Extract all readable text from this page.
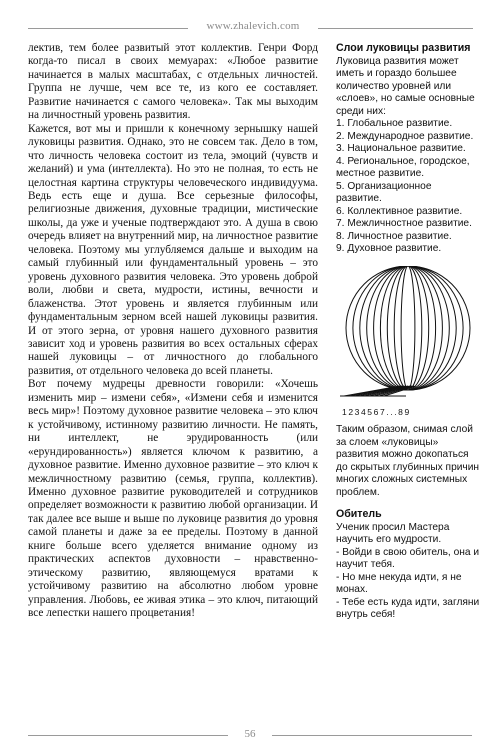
www.zhalevich.com

лектив, тем более развитый этот коллектив. Генри Форд когда-то писал в своих мемуарах: «Любое развитие начинается в малых масштабах, с отдельных личностей. Группа не лучше, чем все те, из кого ее составляет. Развитие начинается с самого человека». Так мы выходим на личностный уровень развития.

Кажется, вот мы и пришли к конечному зернышку нашей луковицы развития. Однако, это не совсем так. Дело в том, что личность человека состоит из тела, эмоций (чувств и желаний) и ума (интеллекта). Но это не полная, то есть не целостная картина структуры человеческого индивидуума. Ведь есть еще и душа. Все серьезные философы, религиозные движения, духовные традиции, мистические школы, да уже и ученые подтверждают это. А душа в свою очередь влияет на внутренний мир, на личностное развитие человека. Поэтому мы углубляемся дальше и выходим на самый глубинный или фундаментальный уровень – это уровень духовного развития человека. Это уровень доброй воли, любви и света, мудрости, истины, вечности и блаженства. Этот уровень и является глубинным или фундаментальным зерном всей нашей луковицы развития. И от этого зерна, от уровня нашего духовного развития зависит ход и уровень развития во всех остальных сферах нашей луковицы – от личностного до глобального развития, от отдельного человека до всей планеты.

Вот почему мудрецы древности говорили: «Хочешь изменить мир – измени себя», «Измени себя и изменится весь мир»! Поэтому духовное развитие человека – это ключ к устойчивому, истинному развитию личности. Не память, ни интеллект, не эрудированность (или «ерундированность») является ключом к развитию, а духовное развитие. Именно духовное развитие – это ключ к межличностному развитию (семья, группа, коллектив). Именно духовное развитие руководителей и сотрудников определяет возможности к развитию любой организации. И так далее все выше и выше по луковице развития до уровня самой планеты и даже за ее пределы. Поэтому в данной книге больше всего уделяется внимание одному из практических аспектов духовности – нравственно-этическому развитию, являющемуся вратами к устойчивому развитию на абсолютно любом уровне управления. Любовь, ее живая этика – это ключ, питающий все лепестки нашего процветания!

Слои луковицы развития

Луковица развития может иметь и гораздо большее количество уровней или «слоев», но самые основные среди них:

1. Глобальное развитие.
2. Международное развитие.
3. Национальное развитие.
4. Региональное, городское, местное развитие.
5. Организационное развитие.
6. Коллективное развитие.
7. Межличностное развитие.
8. Личностное развитие.
9. Духовное развитие.
1234567...89

Таким образом, снимая слой за слоем «луковицы» развития можно докопаться до скрытых глубинных причин многих сложных системных проблем.

Обитель

Ученик просил Мастера научить его мудрости.

- Войди в свою обитель, она и научит тебя.

- Но мне некуда идти, я не монах.

- Тебе есть куда идти, загляни внутрь себя!

56
